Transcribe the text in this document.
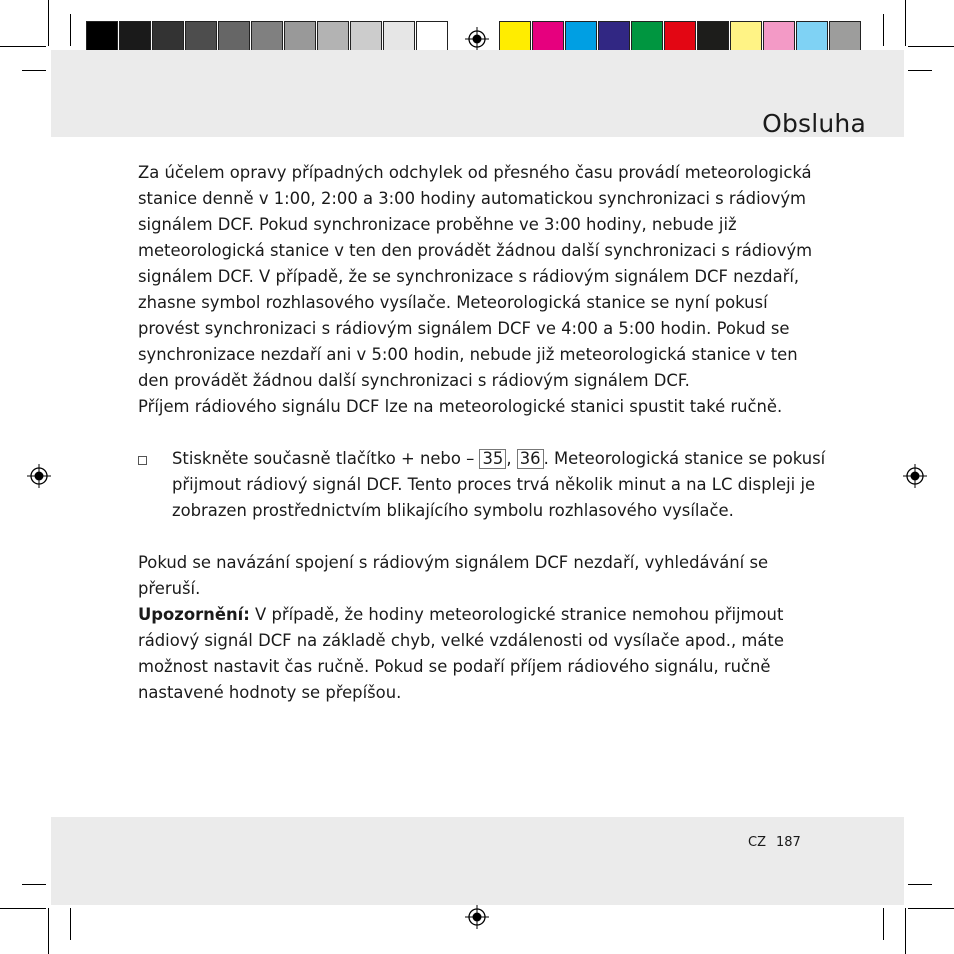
Obsluha

Za účelem opravy případných odchylek od přesného času provádí meteorologická stanice denně v 1:00, 2:00 a 3:00 hodiny automatickou synchronizaci s rádiovým signálem DCF. Pokud synchronizace proběhne ve 3:00 hodiny, nebude již meteorologická stanice v ten den provádět žádnou další synchronizaci s rádiovým signálem DCF. V případě, že se synchronizace s rádiovým signálem DCF nezdaří, zhasne symbol rozhlasového vysílače. Meteorologická stanice se nyní pokusí provést synchronizaci s rádiovým signálem DCF ve 4:00 a 5:00 hodin. Pokud se synchronizace nezdaří ani v 5:00 hodin, nebude již meteorologická stanice v ten den provádět žádnou další synchronizaci s rádiovým signálem DCF.

Příjem rádiového signálu DCF lze na meteorologické stanici spustit také ručně.

Stiskněte současně tlačítko + nebo – 35 , 36 . Meteorologická stanice se pokusí přijmout rádiový signál DCF. Tento proces trvá několik minut a na LC displeji je zobrazen prostřednictvím blikajícího symbolu rozhlasového vysílače.

Pokud se navázání spojení s rádiovým signálem DCF nezdaří, vyhledávání se přeruší.

Upozornění: V případě, že hodiny meteorologické stranice nemohou přijmout rádiový signál DCF na základě chyb, velké vzdálenosti od vysílače apod., máte možnost nastavit čas ručně. Pokud se podaří příjem rádiového signálu, ručně nastavené hodnoty se přepíšou.

CZ 187
